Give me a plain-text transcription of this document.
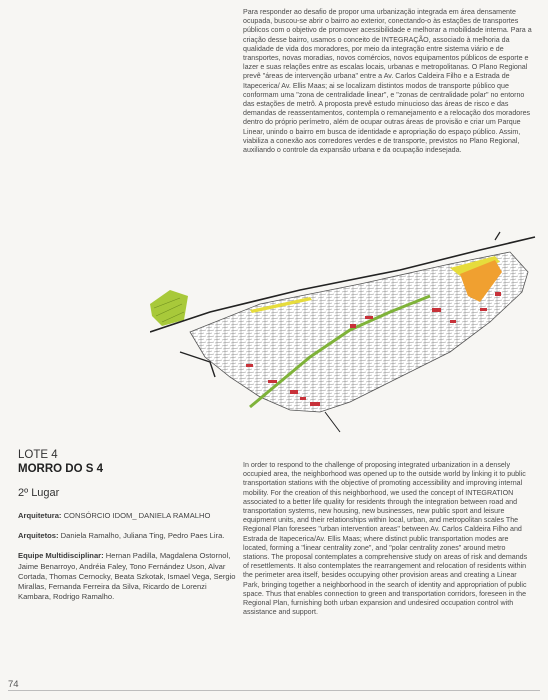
Para responder ao desafio de propor uma urbanização integrada em área densamente ocupada, buscou-se abrir o bairro ao exterior, conectando-o às estações de transportes públicos com o objetivo de promover acessibilidade e melhorar a mobilidade interna. Para a criação desse bairro, usamos o conceito de INTEGRAÇÃO, associado à melhoria da qualidade de vida dos moradores, por meio da integração entre sistema viário e de transportes, novas moradias, novos comércios, novos equipamentos públicos de esporte e lazer e suas relações entre as escalas locais, urbanas e metropolitanas. O Plano Regional prevê "áreas de intervenção urbana" entre a Av. Carlos Caldeira Filho e a Estrada de Itapecerica/ Av. Ellis Maas; ai se localizam distintos modos de transporte público que conformam uma "zona de centralidade linear", e "zonas de centralidade polar" no entorno das estações de metrô. A proposta prevê estudo minucioso das áreas de risco e das demandas de reassentamentos, contempla o remanejamento e a relocação dos moradores dentro do próprio perímetro, além de ocupar outras áreas de provisão e criar um Parque Linear, unindo o bairro em busca de identidade e apropriação do espaço público. Assim, viabiliza a conexão aos corredores verdes e de transporte, previstos no Plano Regional, auxiliando o controle da expansão urbana e da ocupação indesejada.
LOTE 4
MORRO DO S 4
2º Lugar
Arquitetura: CONSÓRCIO IDOM_ DANIELA RAMALHO
Arquitetos: Daniela Ramalho, Juliana Ting, Pedro Paes Lira.
Equipe Multidisciplinar: Hernan Padilla, Magdalena Ostornol, Jaime Benarroyo, Andréia Faley, Tono Fernández Uson, Alvar Cortada, Thomas Cernocky, Beata Szkotak, Ismael Vega, Sergio Mirallas, Fernanda Ferreira da Silva, Ricardo de Lorenzi Kambara, Rodrigo Ramalho.
In order to respond to the challenge of proposing integrated urbanization in a densely occupied area, the neighborhood was opened up to the outside world by linking it to public transportation stations with the objective of promoting accessibility and improving internal mobility. For the creation of this neighborhood, we used the concept of INTEGRATION associated to a better life quality for residents through the integration between road and transportation systems, new housing, new businesses, new public sport and leisure equipment units, and their relationships within local, urban, and metropolitan scales The Regional Plan foresees "urban intervention areas" between Av. Carlos Caldeira Filho and Estrada de Itapecerica/Av. Ellis Maas; where distinct public transportation modes are located, forming a "linear centrality zone", and "polar centrality zones" around metro stations. The proposal contemplates a comprehensive study on areas of risk and demands of resettlements. It also contemplates the rearrangement and relocation of residents within the perimeter area itself, besides occupying other provision areas and creating a Linear Park, bringing together a neighborhood in the search of identity and appropriation of public space. Thus that enables connection to green and transportation corridors, foreseen in the Regional Plan, furnishing both urban expansion and undesired occupation control with assistance and support.
74
